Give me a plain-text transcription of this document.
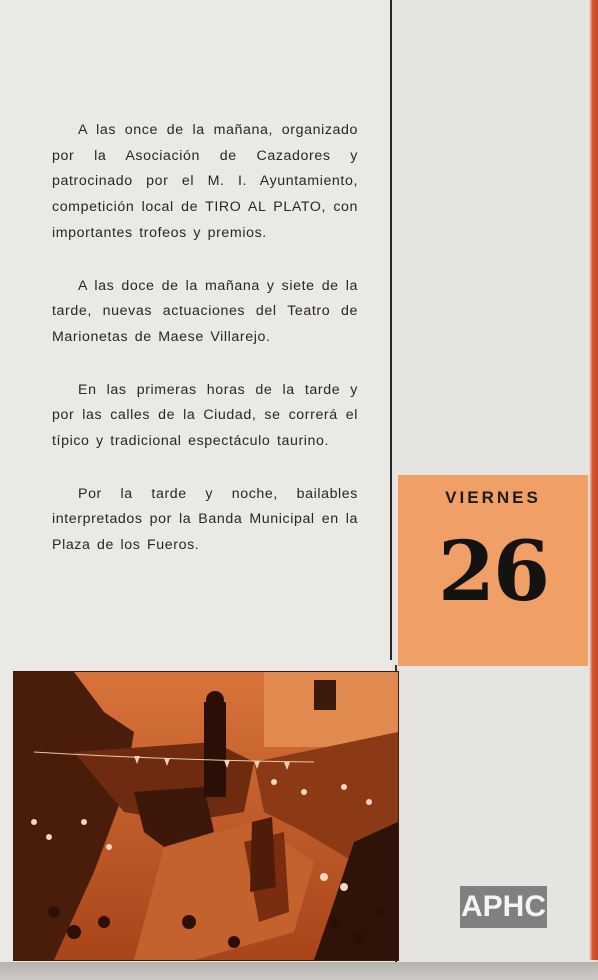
A las once de la mañana, organizado por la Asociación de Cazadores y patrocinado por el M. I. Ayuntamiento, competición local de TIRO AL PLATO, con importantes trofeos y premios.

A las doce de la mañana y siete de la tarde, nuevas actuaciones del Teatro de Marionetas de Maese Villarejo.

En las primeras horas de la tarde y por las calles de la Ciudad, se correrá el típico y tradicional espectáculo taurino.

Por la tarde y noche, bailables interpretados por la Banda Municipal en la Plaza de los Fueros.

VIERNES
26
APHC
